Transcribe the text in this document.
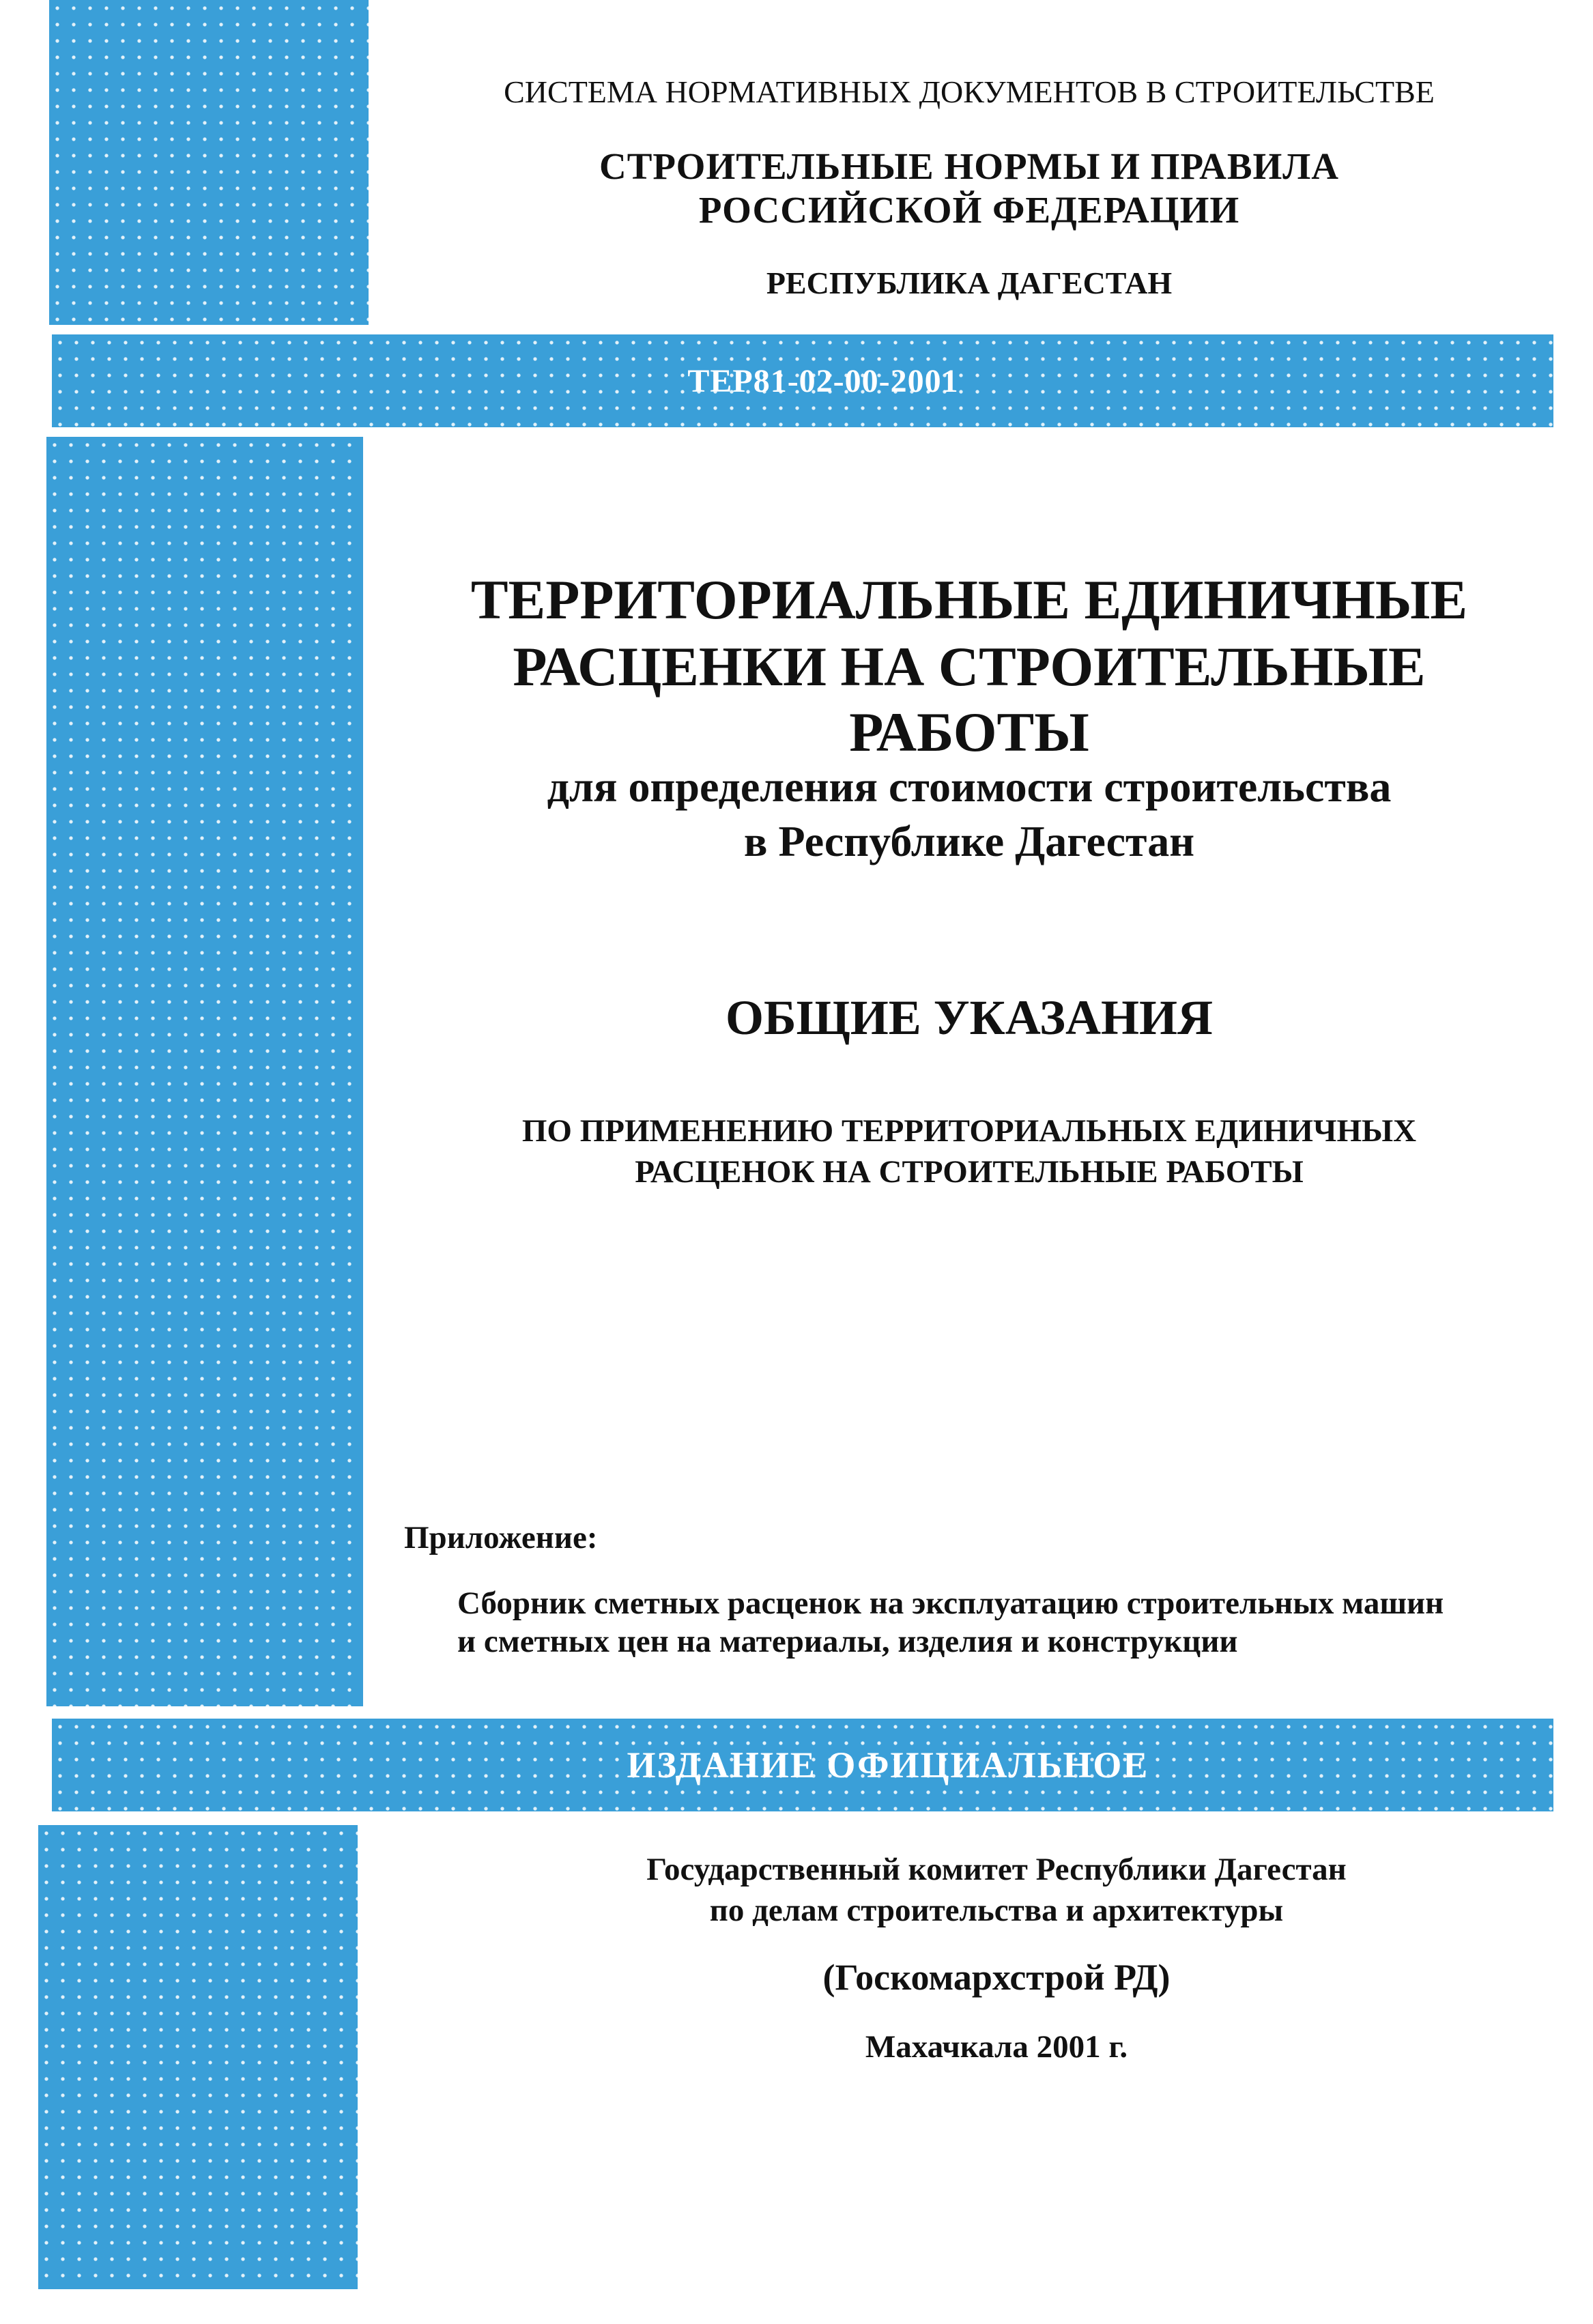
ТЕР81-02-00-2001
ИЗДАНИЕ ОФИЦИАЛЬНОЕ
СИСТЕМА НОРМАТИВНЫХ ДОКУМЕНТОВ В СТРОИТЕЛЬСТВЕ
СТРОИТЕЛЬНЫЕ НОРМЫ И ПРАВИЛА
РОССИЙСКОЙ ФЕДЕРАЦИИ
РЕСПУБЛИКА ДАГЕСТАН
ТЕРРИТОРИАЛЬНЫЕ ЕДИНИЧНЫЕ
РАСЦЕНКИ НА СТРОИТЕЛЬНЫЕ
РАБОТЫ
для определения стоимости строительства
в Республике Дагестан
ОБЩИЕ УКАЗАНИЯ
ПО ПРИМЕНЕНИЮ ТЕРРИТОРИАЛЬНЫХ ЕДИНИЧНЫХ
РАСЦЕНОК НА СТРОИТЕЛЬНЫЕ РАБОТЫ
Приложение:
Сборник сметных расценок на эксплуатацию строительных машин
и сметных цен на материалы, изделия и конструкции
Государственный комитет Республики Дагестан
по делам строительства и архитектуры
(Госкомархстрой РД)
Махачкала 2001 г.
